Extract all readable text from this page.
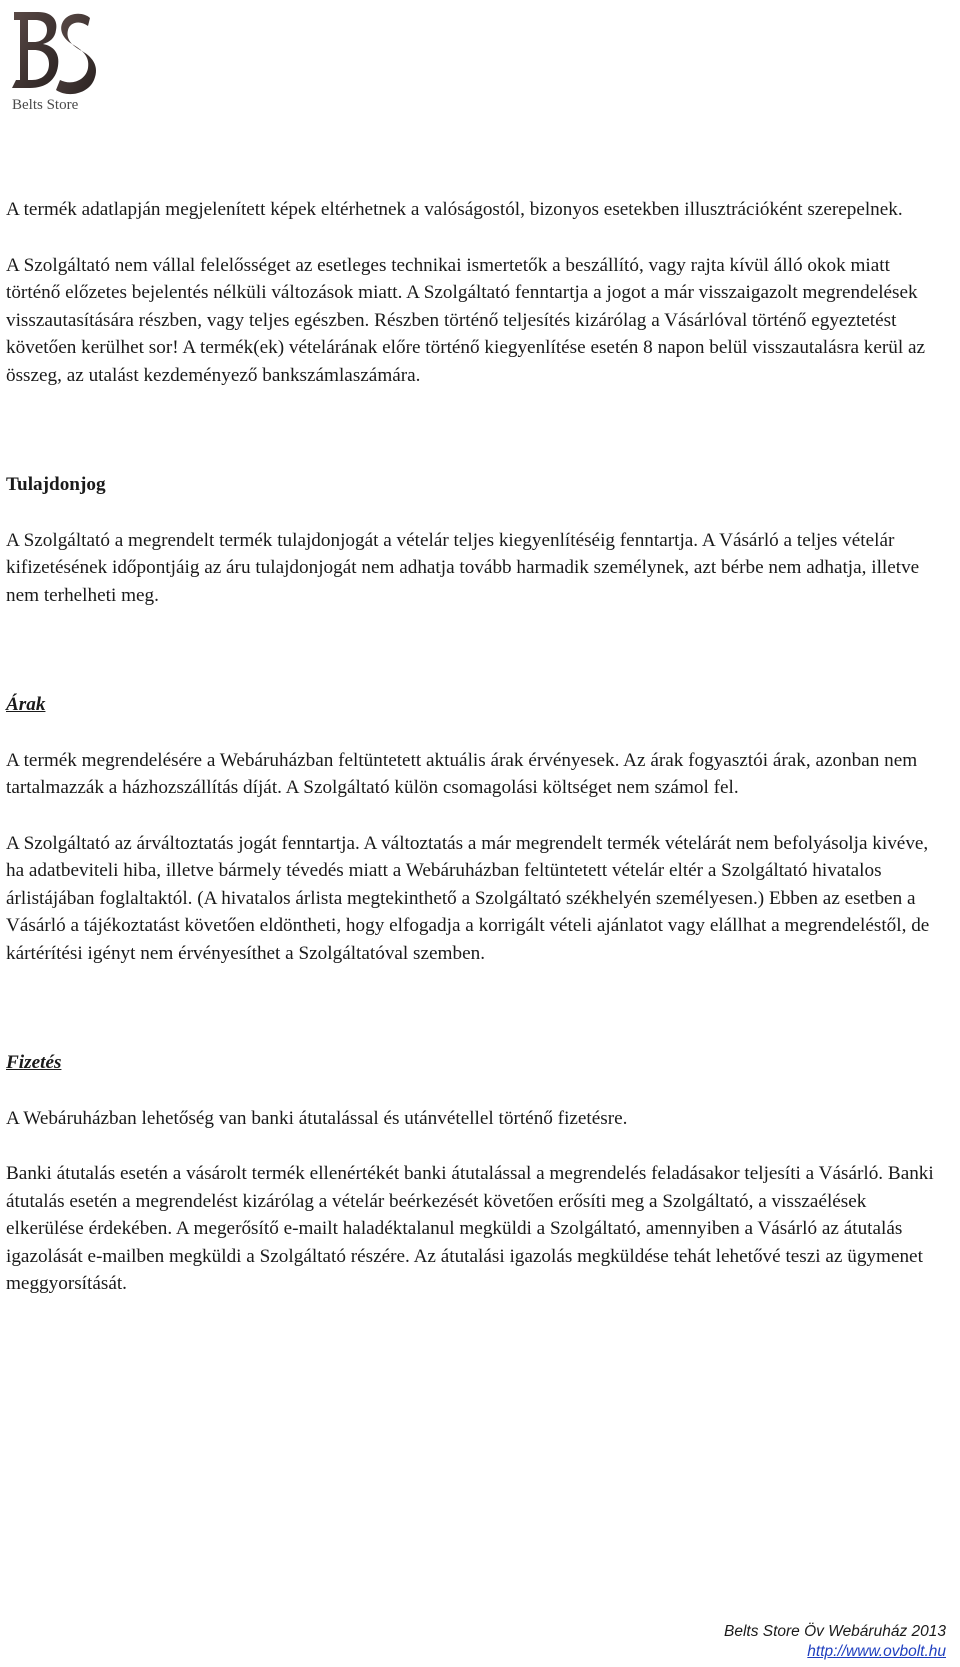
Belts Store

A termék adatlapján megjelenített képek eltérhetnek a valóságostól, bizonyos esetekben illusztrációként szerepelnek.

A Szolgáltató nem vállal felelősséget az esetleges technikai ismertetők a beszállító, vagy rajta kívül álló okok miatt történő előzetes bejelentés nélküli változások miatt. A Szolgáltató fenntartja a jogot a már visszaigazolt megrendelések visszautasítására részben, vagy teljes egészben. Részben történő teljesítés kizárólag a Vásárlóval történő egyeztetést követően kerülhet sor! A termék(ek) vételárának előre történő kiegyenlítése esetén 8 napon belül visszautalásra kerül az összeg, az utalást kezdeményező bankszámlaszámára.

Tulajdonjog

A Szolgáltató a megrendelt termék tulajdonjogát a vételár teljes kiegyenlítéséig fenntartja. A Vásárló a teljes vételár kifizetésének időpontjáig az áru tulajdonjogát nem adhatja tovább harmadik személynek, azt bérbe nem adhatja, illetve nem terhelheti meg.

Árak

A termék megrendelésére a Webáruházban feltüntetett aktuális árak érvényesek. Az árak fogyasztói árak, azonban nem tartalmazzák a házhozszállítás díját. A Szolgáltató külön csomagolási költséget nem számol fel.

A Szolgáltató az árváltoztatás jogát fenntartja. A változtatás a már megrendelt termék vételárát nem befolyásolja kivéve, ha adatbeviteli hiba, illetve bármely tévedés miatt a Webáruházban feltüntetett vételár eltér a Szolgáltató hivatalos árlistájában foglaltaktól. (A hivatalos árlista megtekinthető a Szolgáltató székhelyén személyesen.) Ebben az esetben a Vásárló a tájékoztatást követően eldöntheti, hogy elfogadja a korrigált vételi ajánlatot vagy elállhat a megrendeléstől, de kártérítési igényt nem érvényesíthet a Szolgáltatóval szemben.

Fizetés

A Webáruházban lehetőség van banki átutalással és utánvétellel történő fizetésre.

Banki átutalás esetén a vásárolt termék ellenértékét banki átutalással a megrendelés feladásakor teljesíti a Vásárló. Banki átutalás esetén a megrendelést kizárólag a vételár beérkezését követően erősíti meg a Szolgáltató, a visszaélések elkerülése érdekében. A megerősítő e-mailt haladéktalanul megküldi a Szolgáltató, amennyiben a Vásárló az átutalás igazolását e-mailben megküldi a Szolgáltató részére. Az átutalási igazolás megküldése tehát lehetővé teszi az ügymenet meggyorsítását.

Belts Store Öv Webáruház 2013
http://www.ovbolt.hu
